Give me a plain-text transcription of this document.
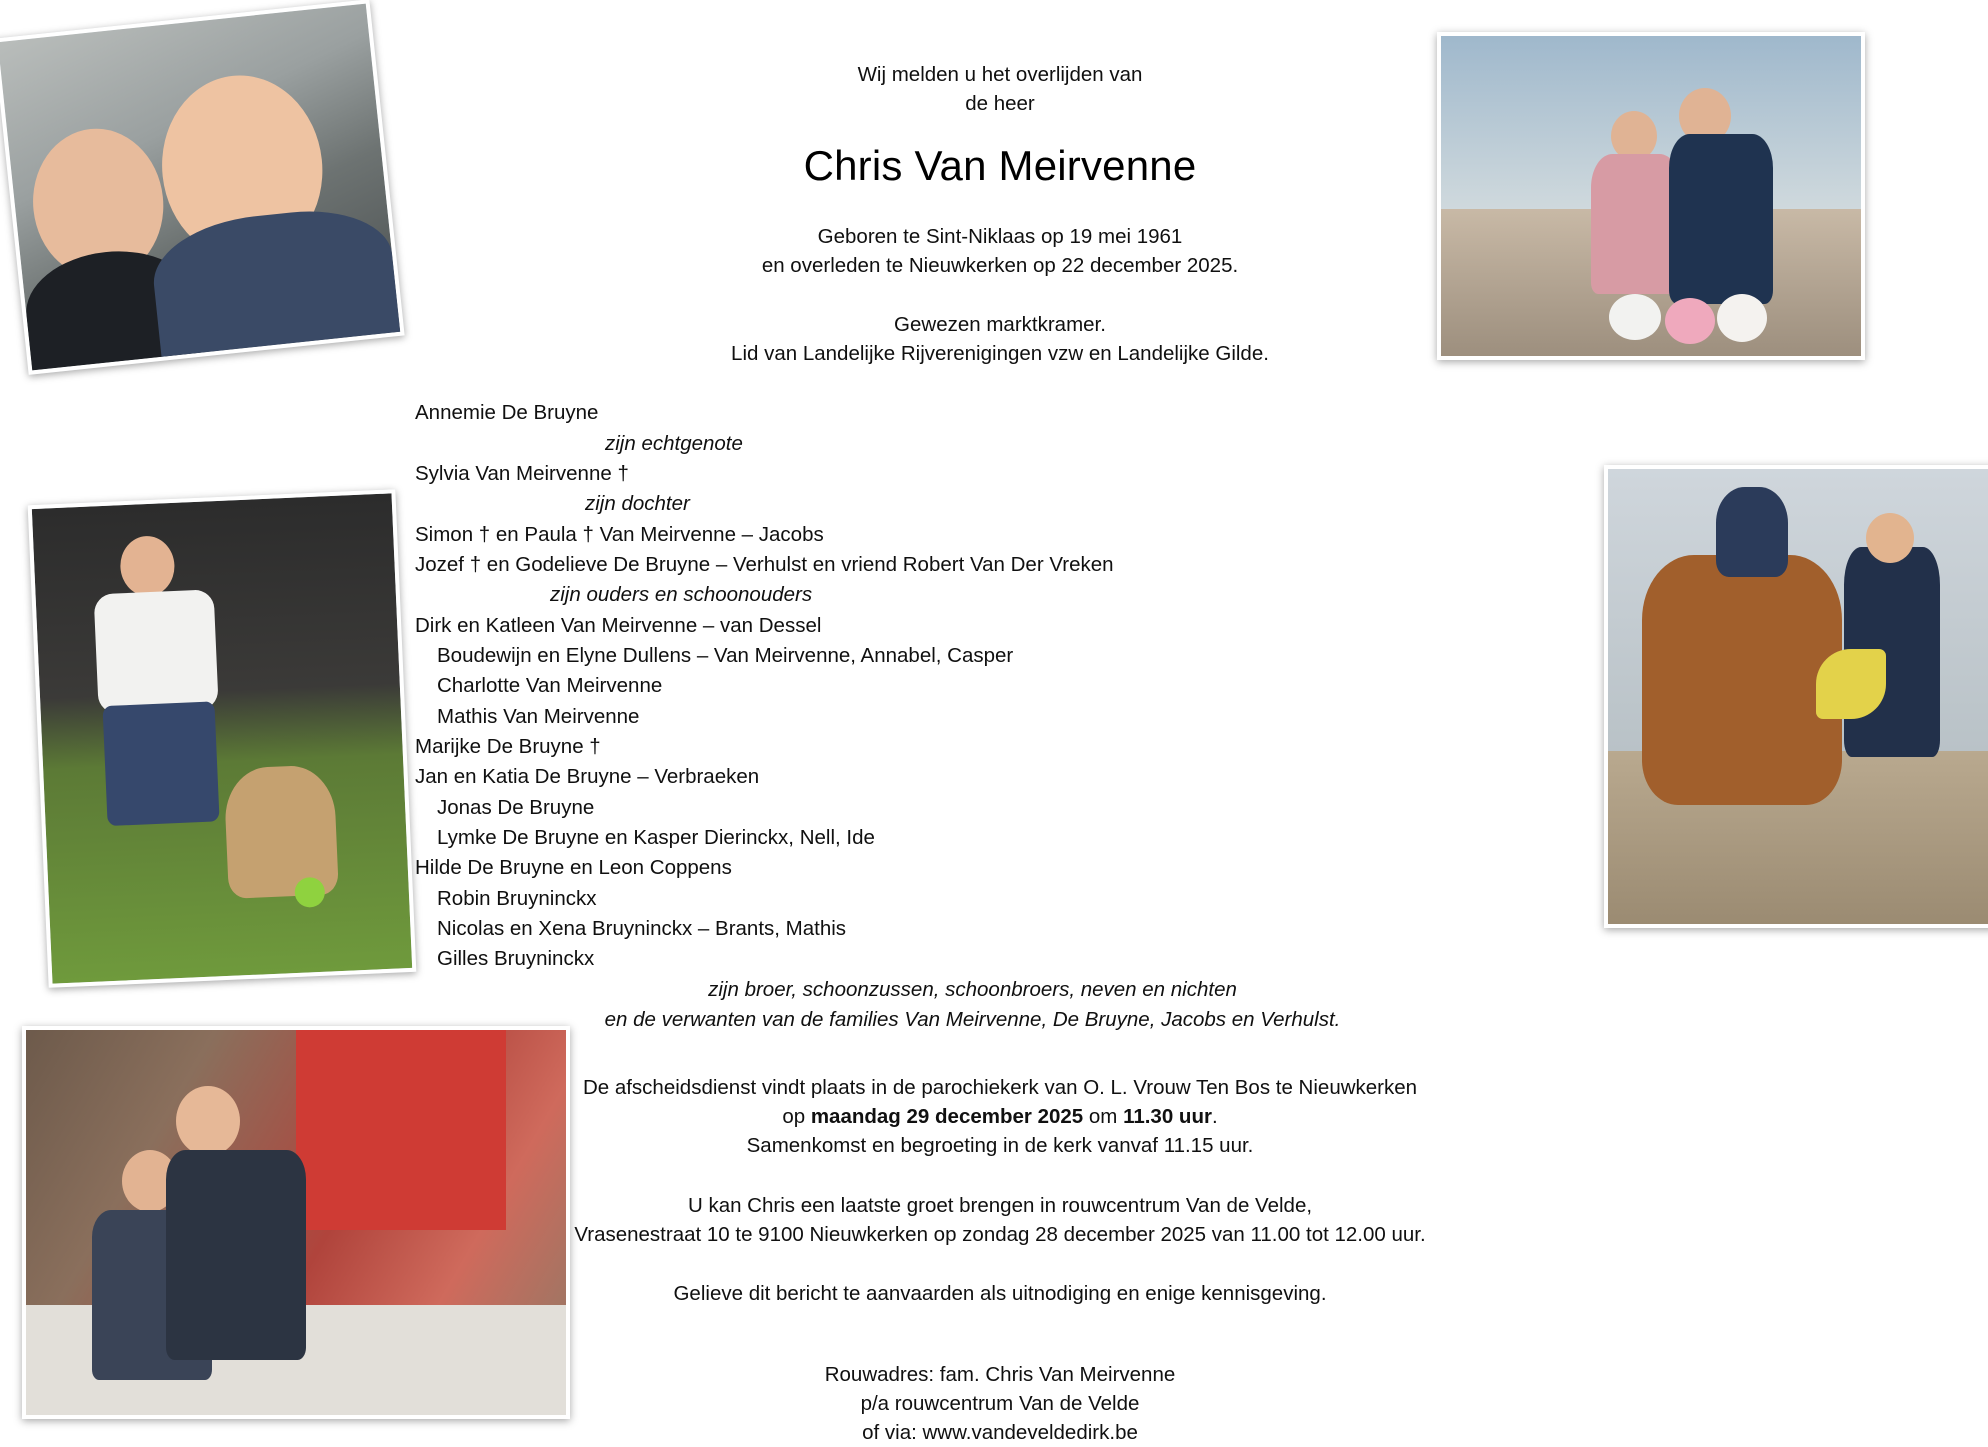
Wij melden u het overlijden van
de heer
Chris Van Meirvenne
Geboren te Sint-Niklaas op 19 mei 1961
en overleden te Nieuwkerken op 22 december 2025.
Gewezen marktkramer.
Lid van Landelijke Rijverenigingen vzw en Landelijke Gilde.
Annemie De Bruyne
zijn echtgenote
Sylvia Van Meirvenne †
zijn dochter
Simon † en Paula † Van Meirvenne – Jacobs
Jozef † en Godelieve De Bruyne – Verhulst en vriend Robert Van Der Vreken
zijn ouders en schoonouders
Dirk en Katleen Van Meirvenne – van Dessel
Boudewijn en Elyne Dullens – Van Meirvenne, Annabel, Casper
Charlotte Van Meirvenne
Mathis Van Meirvenne
Marijke De Bruyne †
Jan en Katia De Bruyne – Verbraeken
Jonas De Bruyne
Lymke De Bruyne en Kasper Dierinckx, Nell, Ide
Hilde De Bruyne en Leon Coppens
Robin Bruyninckx
Nicolas en Xena Bruyninckx – Brants, Mathis
Gilles Bruyninckx
zijn broer, schoonzussen, schoonbroers, neven en nichten
en de verwanten van de families Van Meirvenne, De Bruyne, Jacobs en Verhulst.
De afscheidsdienst vindt plaats in de parochiekerk van O. L. Vrouw Ten Bos te Nieuwkerken
op maandag 29 december 2025 om 11.30 uur.
Samenkomst en begroeting in de kerk vanvaf 11.15 uur.
U kan Chris een laatste groet brengen in rouwcentrum Van de Velde,
Vrasenestraat 10 te 9100 Nieuwkerken op zondag 28 december 2025 van 11.00 tot 12.00 uur.
Gelieve dit bericht te aanvaarden als uitnodiging en enige kennisgeving.
Rouwadres: fam. Chris Van Meirvenne
p/a rouwcentrum Van de Velde
of via: www.vandeveldedirk.be
